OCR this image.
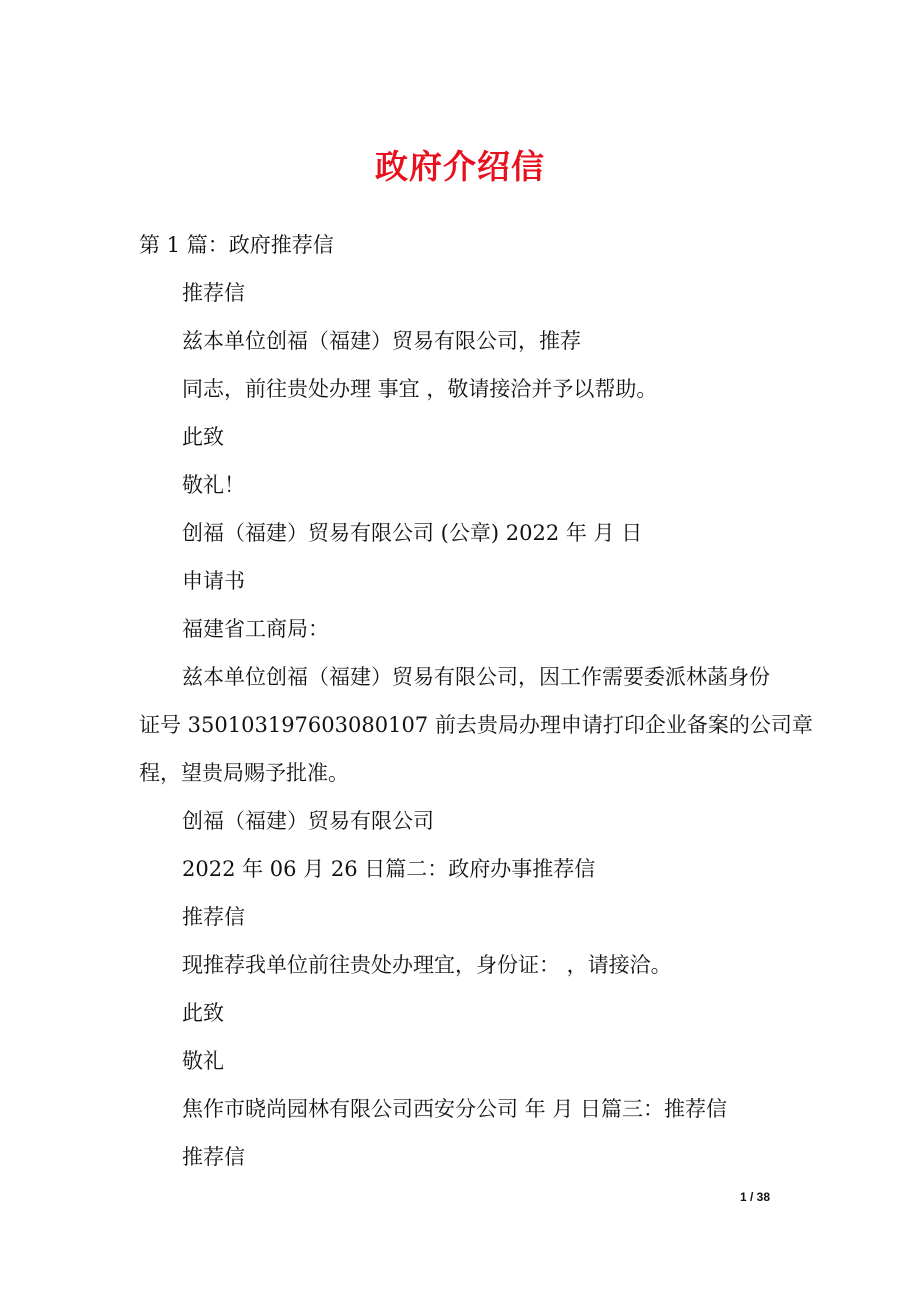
政府介绍信
第 1 篇：政府推荐信
推荐信
兹本单位创福（福建）贸易有限公司，推荐
同志，前往贵处办理 事宜 ，敬请接洽并予以帮助。
此致
敬礼！
创福（福建）贸易有限公司 (公章) 2022 年 月 日
申请书
福建省工商局：
兹本单位创福（福建）贸易有限公司，因工作需要委派林菡身份
证号 350103197603080107 前去贵局办理申请打印企业备案的公司章
程，望贵局赐予批准。
创福（福建）贸易有限公司
2022 年 06 月 26 日篇二：政府办事推荐信
推荐信
现推荐我单位前往贵处办理宜，身份证： ，请接洽。
此致
敬礼
焦作市晓尚园林有限公司西安分公司 年 月 日篇三：推荐信
推荐信
1 / 38
